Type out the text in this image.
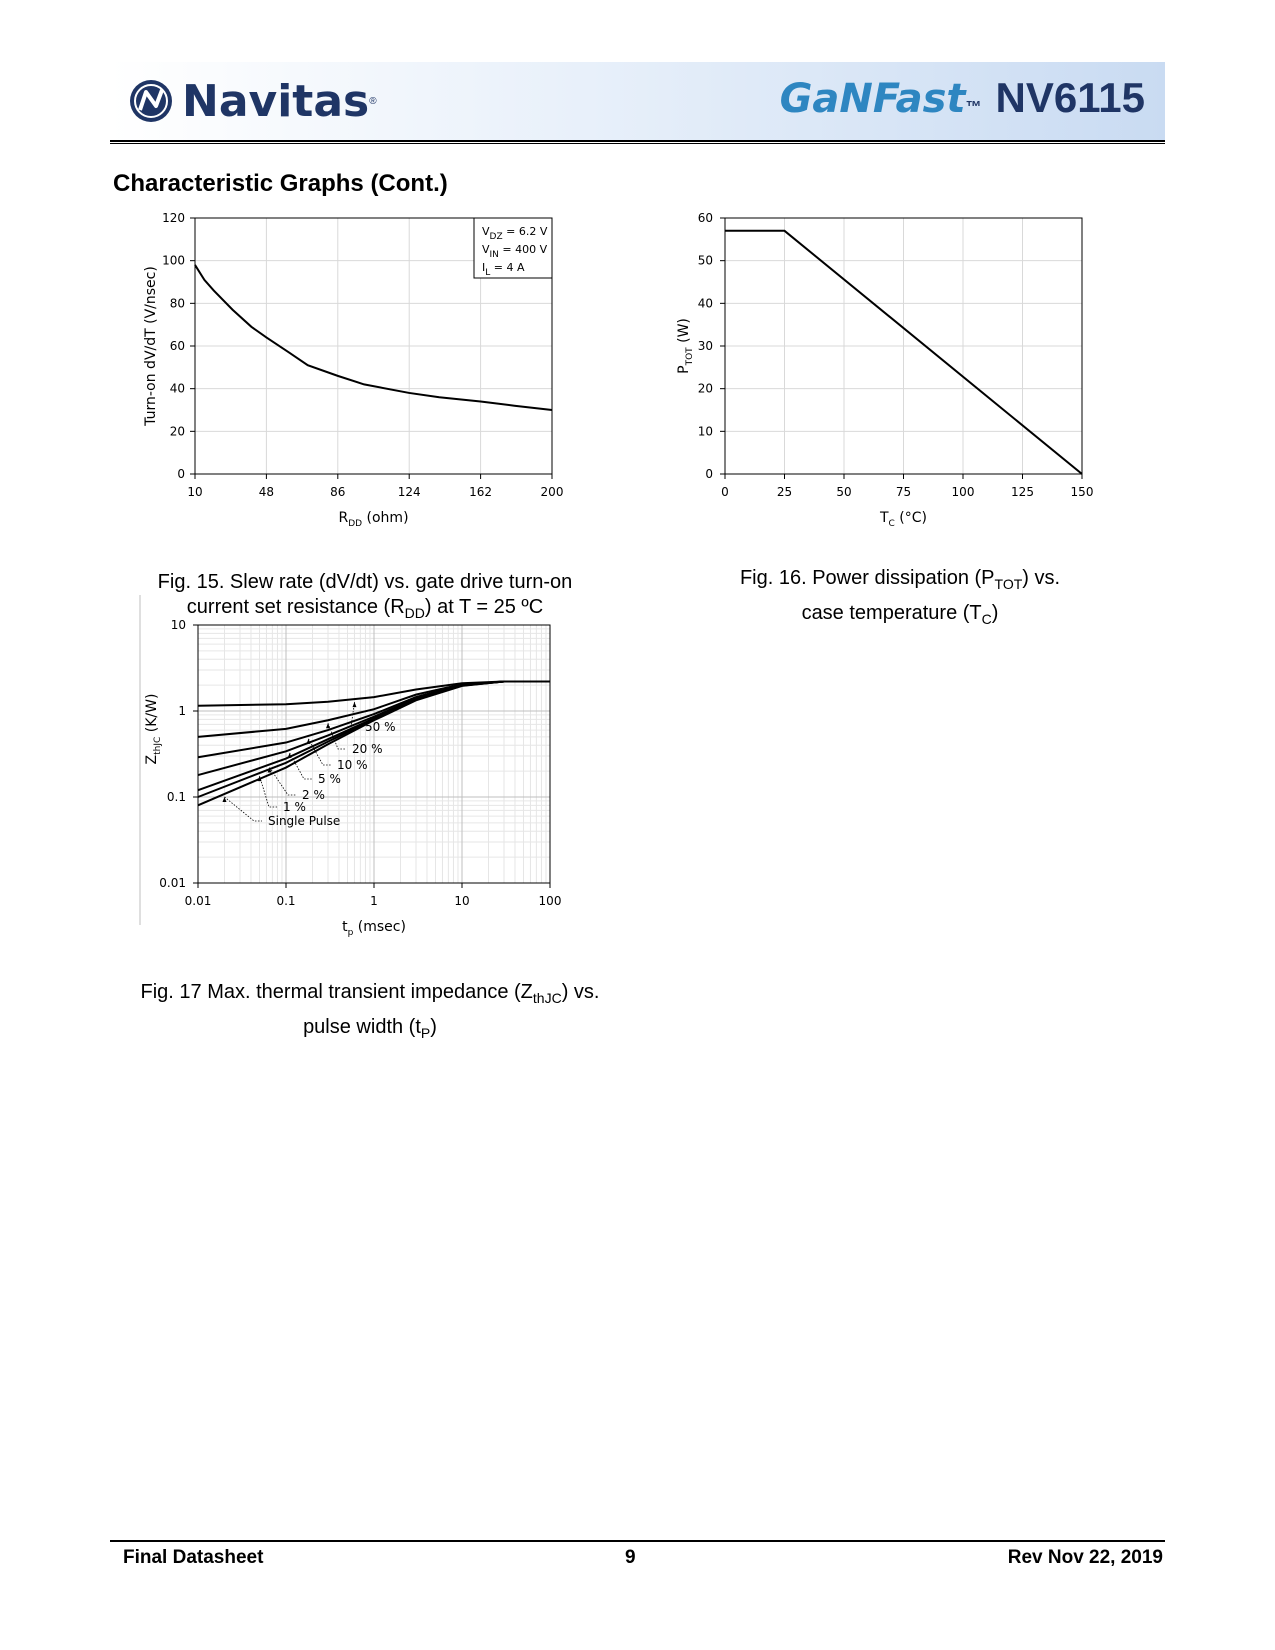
Navitas ®	GaNFast ™ NV6115
Characteristic Graphs (Cont.)
10	48	86	124	162	200
0
20
40
60
80
100
120
$V_{DZ} = 6.2$ V
$V_{IN} = 400$ V
$I_L = 4$ A
$R_{DD}$ (ohm)
Turn-on dV/dT (V/nsec)
Fig. 15. Slew rate (dV/dt) vs. gate drive turn-on
current set resistance $(R_{DD})$ at T = 25 ºC
0	25	50	75	100	125	150
0
10
20
30
40
50
60
$T_C$ (°C)
$P_{TOT}$ (W)
Fig. 16. Power dissipation $(P_{TOT})$ vs.
case temperature $(T_C)$
0.01	0.1	1	10	100
0.01
0.1
1
10
50 %
20 %
10 %
5 %
2 %
1 %
Single Pulse
$t_p$ (msec)
$Z_{thJC}$ (K/W)
Fig. 17 Max. thermal transient impedance $(Z_{thJC})$ vs.
pulse width $(t_P)$
Final Datasheet	9	Rev Nov 22, 2019
